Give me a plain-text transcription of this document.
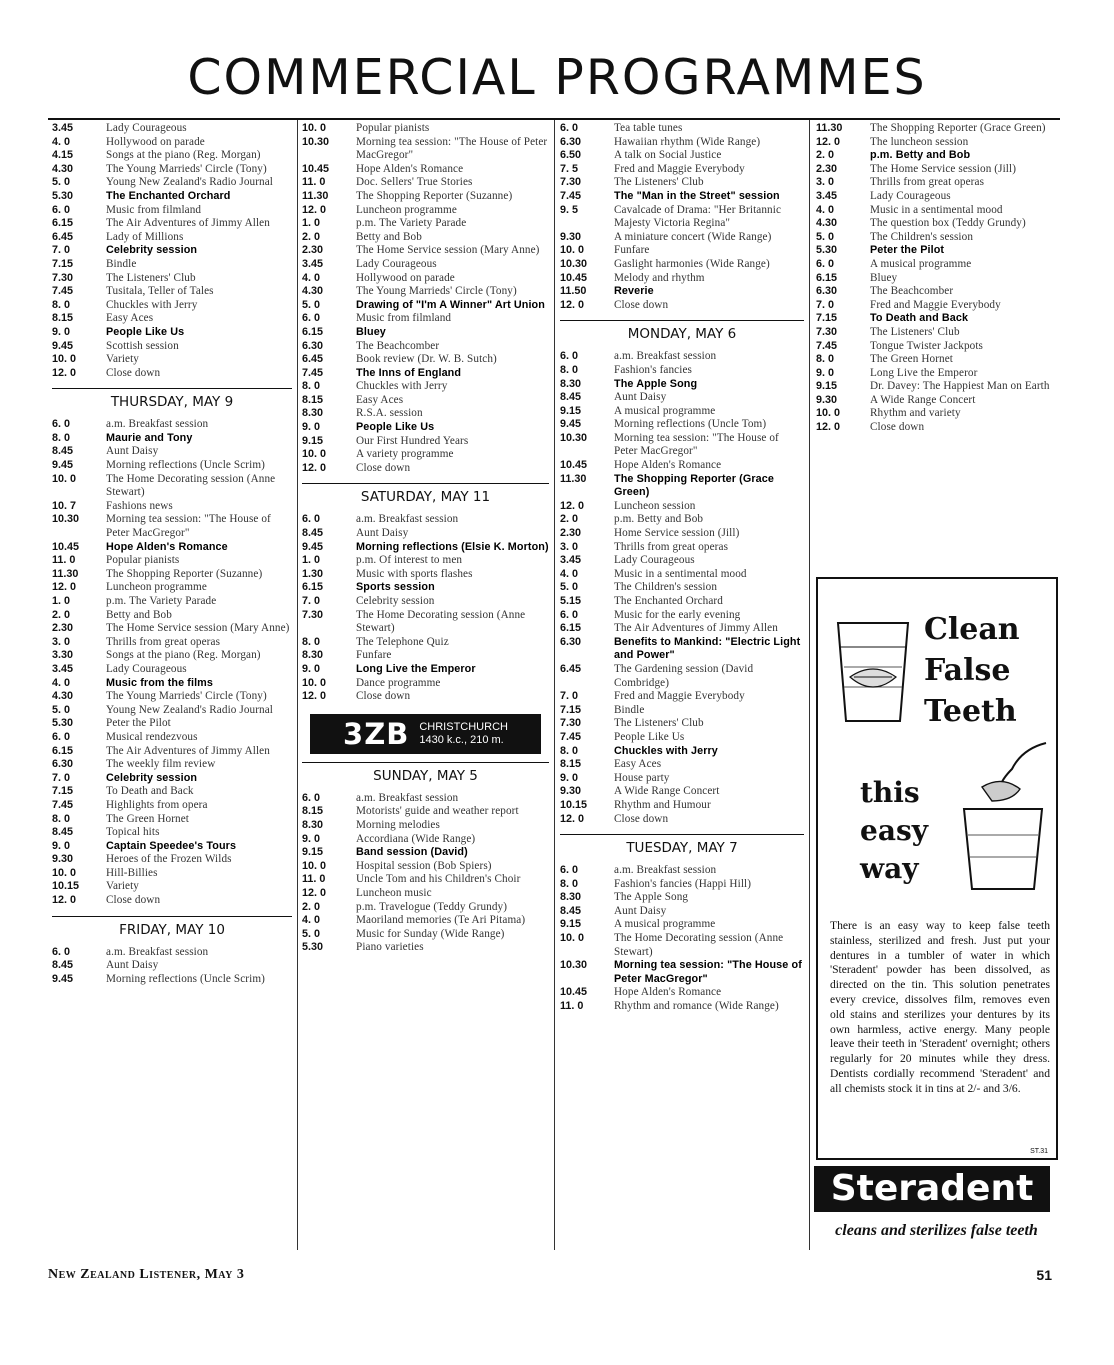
COMMERCIAL PROGRAMMES
3.45	Lady Courageous
4. 0	Hollywood on parade
4.15	Songs at the piano (Reg. Morgan)
4.30	The Young Marrieds' Circle (Tony)
5. 0	Young New Zealand's Radio Journal
5.30	The Enchanted Orchard
6. 0	Music from filmland
6.15	The Air Adventures of Jimmy Allen
6.45	Lady of Millions
7. 0	Celebrity session
7.15	Bindle
7.30	The Listeners' Club
7.45	Tusitala, Teller of Tales
8. 0	Chuckles with Jerry
8.15	Easy Aces
9. 0	People Like Us
9.45	Scottish session
10. 0	Variety
12. 0	Close down
THURSDAY, MAY 9
6. 0	a.m. Breakfast session
8. 0	Maurie and Tony
8.45	Aunt Daisy
9.45	Morning reflections (Uncle Scrim)
10. 0	The Home Decorating session (Anne Stewart)
10. 7	Fashions news
10.30	Morning tea session: "The House of Peter MacGregor"
10.45	Hope Alden's Romance
11. 0	Popular pianists
11.30	The Shopping Reporter (Suzanne)
12. 0	Luncheon programme
1. 0	p.m. The Variety Parade
2. 0	Betty and Bob
2.30	The Home Service session (Mary Anne)
3. 0	Thrills from great operas
3.30	Songs at the piano (Reg. Morgan)
3.45	Lady Courageous
4. 0	Music from the films
4.30	The Young Marrieds' Circle (Tony)
5. 0	Young New Zealand's Radio Journal
5.30	Peter the Pilot
6. 0	Musical rendezvous
6.15	The Air Adventures of Jimmy Allen
6.30	The weekly film review
7. 0	Celebrity session
7.15	To Death and Back
7.45	Highlights from opera
8. 0	The Green Hornet
8.45	Topical hits
9. 0	Captain Speedee's Tours
9.30	Heroes of the Frozen Wilds
10. 0	Hill-Billies
10.15	Variety
12. 0	Close down
FRIDAY, MAY 10
6. 0	a.m. Breakfast session
8.45	Aunt Daisy
9.45	Morning reflections (Uncle Scrim)
10. 0	Popular pianists
10.30	Morning tea session: "The House of Peter MacGregor"
10.45	Hope Alden's Romance
11. 0	Doc. Sellers' True Stories
11.30	The Shopping Reporter (Suzanne)
12. 0	Luncheon programme
1. 0	p.m. The Variety Parade
2. 0	Betty and Bob
2.30	The Home Service session (Mary Anne)
3.45	Lady Courageous
4. 0	Hollywood on parade
4.30	The Young Marrieds' Circle (Tony)
5. 0	Drawing of "I'm A Winner" Art Union
6. 0	Music from filmland
6.15	Bluey
6.30	The Beachcomber
6.45	Book review (Dr. W. B. Sutch)
7.45	The Inns of England
8. 0	Chuckles with Jerry
8.15	Easy Aces
8.30	R.S.A. session
9. 0	People Like Us
9.15	Our First Hundred Years
10. 0	A variety programme
12. 0	Close down
SATURDAY, MAY 11
6. 0	a.m. Breakfast session
8.45	Aunt Daisy
9.45	Morning reflections (Elsie K. Morton)
1. 0	p.m. Of interest to men
1.30	Music with sports flashes
6.15	Sports session
7. 0	Celebrity session
7.30	The Home Decorating session (Anne Stewart)
8. 0	The Telephone Quiz
8.30	Funfare
9. 0	Long Live the Emperor
10. 0	Dance programme
12. 0	Close down
3ZB CHRISTCHURCH
1430 k.c., 210 m.
SUNDAY, MAY 5
6. 0	a.m. Breakfast session
8.15	Motorists' guide and weather report
8.30	Morning melodies
9. 0	Accordiana (Wide Range)
9.15	Band session (David)
10. 0	Hospital session (Bob Spiers)
11. 0	Uncle Tom and his Children's Choir
12. 0	Luncheon music
2. 0	p.m. Travelogue (Teddy Grundy)
4. 0	Maoriland memories (Te Ari Pitama)
5. 0	Music for Sunday (Wide Range)
5.30	Piano varieties
6. 0	Tea table tunes
6.30	Hawaiian rhythm (Wide Range)
6.50	A talk on Social Justice
7. 5	Fred and Maggie Everybody
7.30	The Listeners' Club
7.45	The "Man in the Street" session
9. 5	Cavalcade of Drama: "Her Britannic Majesty Victoria Regina"
9.30	A miniature concert (Wide Range)
10. 0	Funfare
10.30	Gaslight harmonies (Wide Range)
10.45	Melody and rhythm
11.50	Reverie
12. 0	Close down
MONDAY, MAY 6
6. 0	a.m. Breakfast session
8. 0	Fashion's fancies
8.30	The Apple Song
8.45	Aunt Daisy
9.15	A musical programme
9.45	Morning reflections (Uncle Tom)
10.30	Morning tea session: "The House of Peter MacGregor"
10.45	Hope Alden's Romance
11.30	The Shopping Reporter (Grace Green)
12. 0	Luncheon session
2. 0	p.m. Betty and Bob
2.30	Home Service session (Jill)
3. 0	Thrills from great operas
3.45	Lady Courageous
4. 0	Music in a sentimental mood
5. 0	The Children's session
5.15	The Enchanted Orchard
6. 0	Music for the early evening
6.15	The Air Adventures of Jimmy Allen
6.30	Benefits to Mankind: "Electric Light and Power"
6.45	The Gardening session (David Combridge)
7. 0	Fred and Maggie Everybody
7.15	Bindle
7.30	The Listeners' Club
7.45	People Like Us
8. 0	Chuckles with Jerry
8.15	Easy Aces
9. 0	House party
9.30	A Wide Range Concert
10.15	Rhythm and Humour
12. 0	Close down
TUESDAY, MAY 7
6. 0	a.m. Breakfast session
8. 0	Fashion's fancies (Happi Hill)
8.30	The Apple Song
8.45	Aunt Daisy
9.15	A musical programme
10. 0	The Home Decorating session (Anne Stewart)
10.30	Morning tea session: "The House of Peter MacGregor"
10.45	Hope Alden's Romance
11. 0	Rhythm and romance (Wide Range)
11.30	The Shopping Reporter (Grace Green)
12. 0	The luncheon session
2. 0	p.m. Betty and Bob
2.30	The Home Service session (Jill)
3. 0	Thrills from great operas
3.45	Lady Courageous
4. 0	Music in a sentimental mood
4.30	The question box (Teddy Grundy)
5. 0	The Children's session
5.30	Peter the Pilot
6. 0	A musical programme
6.15	Bluey
6.30	The Beachcomber
7. 0	Fred and Maggie Everybody
7.15	To Death and Back
7.30	The Listeners' Club
7.45	Tongue Twister Jackpots
8. 0	The Green Hornet
9. 0	Long Live the Emperor
9.15	Dr. Davey: The Happiest Man on Earth
9.30	A Wide Range Concert
10. 0	Rhythm and variety
12. 0	Close down
Clean
False
Teeth
this
easy
way
There is an easy way to keep false teeth stainless, sterilized and fresh. Just put your dentures in a tumbler of water in which 'Steradent' powder has been dissolved, as directed on the tin. This solution penetrates every crevice, dissolves film, removes even old stains and sterilizes your dentures by its own harmless, active energy. Many people leave their teeth in 'Steradent' overnight; others regularly for 20 minutes while they dress. Dentists cordially recommend 'Steradent' and all chemists stock it in tins at 2/- and 3/6.
ST.31
Steradent
cleans and sterilizes false teeth
New Zealand Listener, May 3	51
